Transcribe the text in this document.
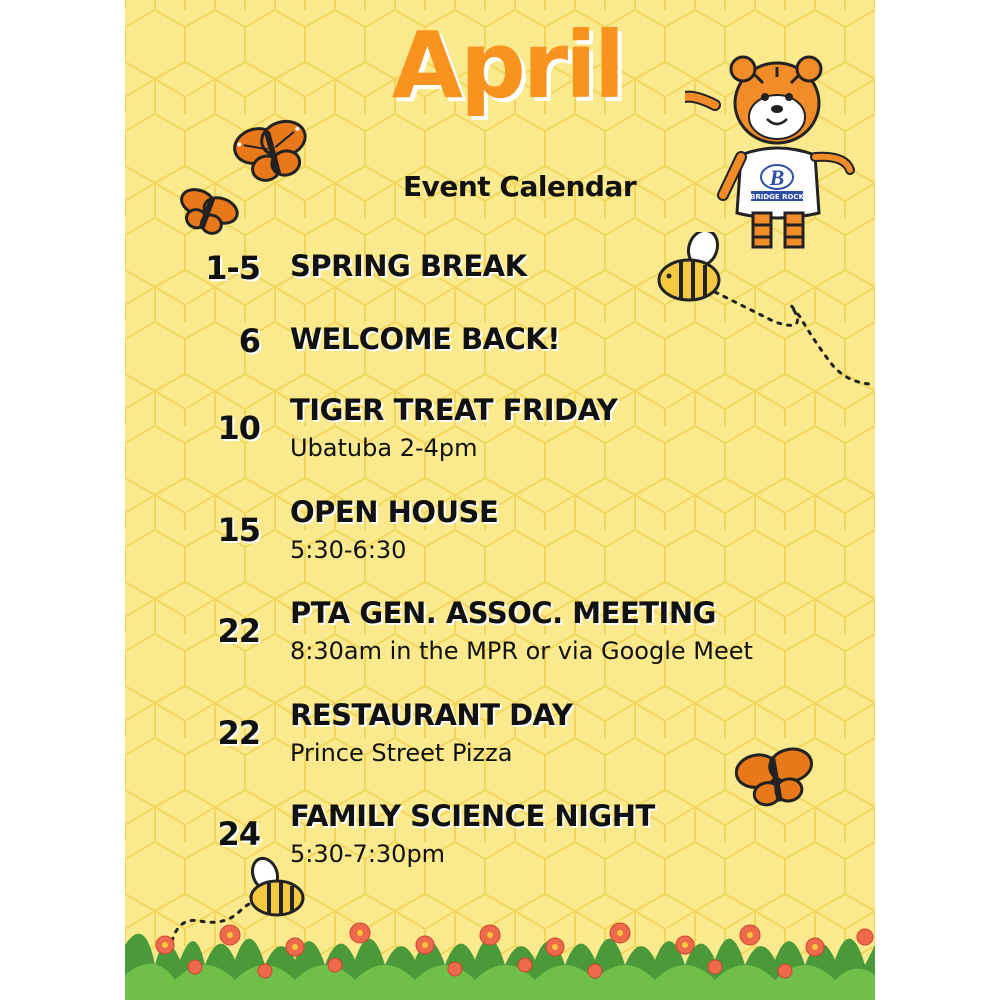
April
Event Calendar	B
BRIDGE ROCK
1-5 SPRING BREAK
6 WELCOME BACK!
10 TIGER TREAT FRIDAY
Ubatuba 2-4pm
15 OPEN HOUSE
5:30-6:30
22 PTA GEN. ASSOC. MEETING
8:30am in the MPR or via Google Meet
22 RESTAURANT DAY
Prince Street Pizza
24 FAMILY SCIENCE NIGHT
5:30-7:30pm
